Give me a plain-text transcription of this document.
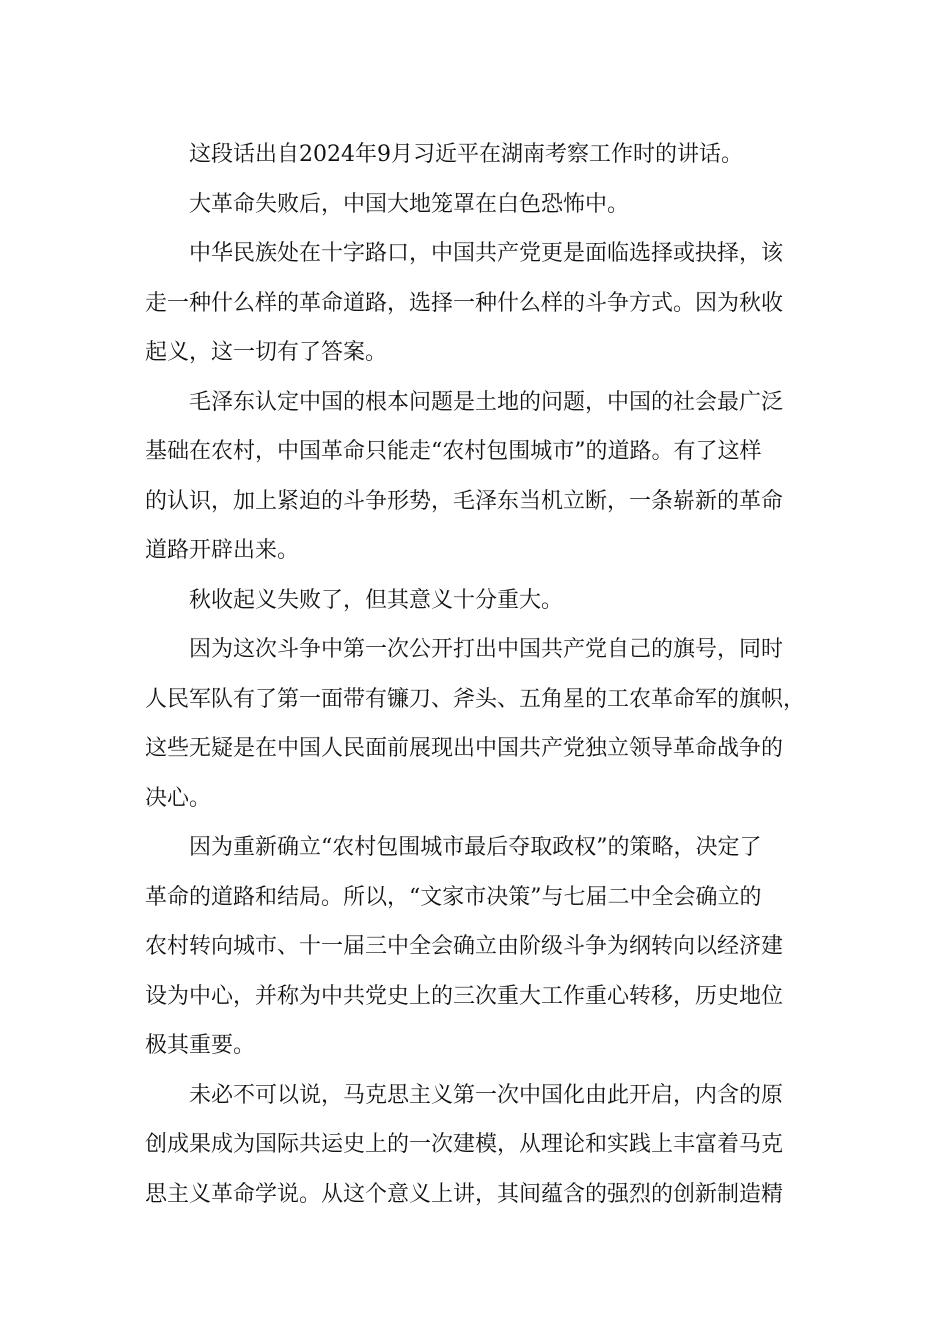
这段话出自2024年9月习近平在湖南考察工作时的讲话。
大革命失败后，中国大地笼罩在白色恐怖中。
中华民族处在十字路口，中国共产党更是面临选择或抉择，该
走一种什么样的革命道路，选择一种什么样的斗争方式。因为秋收
起义，这一切有了答案。
毛泽东认定中国的根本问题是土地的问题，中国的社会最广泛
基础在农村，中国革命只能走“农村包围城市”的道路。有了这样
的认识，加上紧迫的斗争形势，毛泽东当机立断，一条崭新的革命
道路开辟出来。
秋收起义失败了，但其意义十分重大。
因为这次斗争中第一次公开打出中国共产党自己的旗号，同时
人民军队有了第一面带有镰刀、斧头、五角星的工农革命军的旗帜，
这些无疑是在中国人民面前展现出中国共产党独立领导革命战争的
决心。
因为重新确立“农村包围城市最后夺取政权”的策略，决定了
革命的道路和结局。所以，“文家市决策”与七届二中全会确立的
农村转向城市、十一届三中全会确立由阶级斗争为纲转向以经济建
设为中心，并称为中共党史上的三次重大工作重心转移，历史地位
极其重要。
未必不可以说，马克思主义第一次中国化由此开启，内含的原
创成果成为国际共运史上的一次建模，从理论和实践上丰富着马克
思主义革命学说。从这个意义上讲，其间蕴含的强烈的创新制造精
